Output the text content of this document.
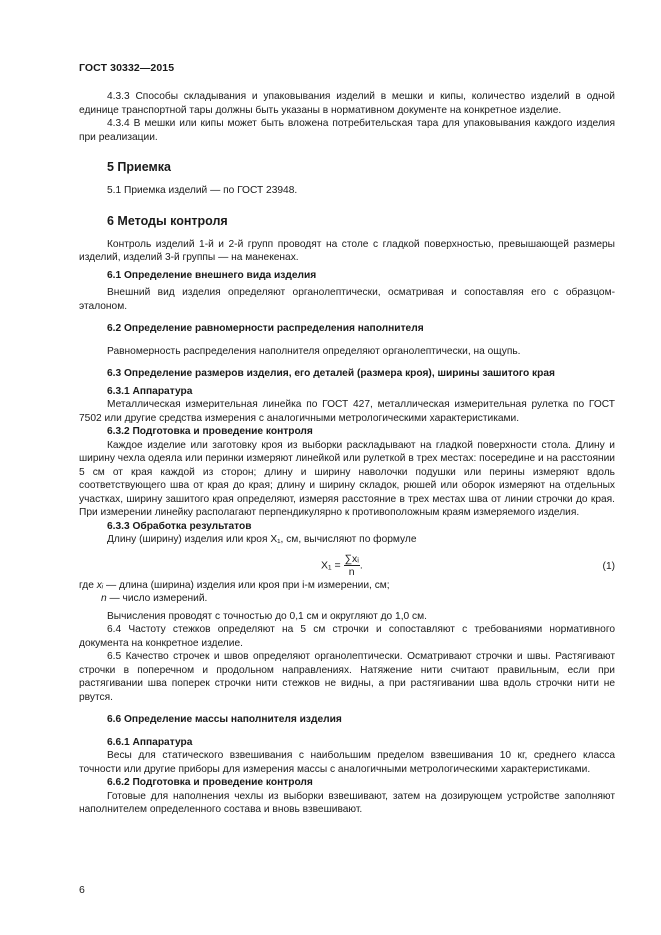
ГОСТ 30332—2015

4.3.3 Способы складывания и упаковывания изделий в мешки и кипы, количество изделий в одной единице транспортной тары должны быть указаны в нормативном документе на конкретное изделие.

4.3.4 В мешки или кипы может быть вложена потребительская тара для упаковывания каждого изделия при реализации.

5 Приемка

5.1 Приемка изделий — по ГОСТ 23948.

6 Методы контроля

Контроль изделий 1-й и 2-й групп проводят на столе с гладкой поверхностью, превышающей размеры изделий, изделий 3-й группы — на манекенах.

6.1 Определение внешнего вида изделия

Внешний вид изделия определяют органолептически, осматривая и сопоставляя его с образцом-эталоном.

6.2 Определение равномерности распределения наполнителя

Равномерность распределения наполнителя определяют органолептически, на ощупь.

6.3 Определение размеров изделия, его деталей (размера кроя), ширины зашитого края
6.3.1 Аппаратура

Металлическая измерительная линейка по ГОСТ 427, металлическая измерительная рулетка по ГОСТ 7502 или другие средства измерения с аналогичными метрологическими характеристиками.

6.3.2 Подготовка и проведение контроля

Каждое изделие или заготовку кроя из выборки раскладывают на гладкой поверхности стола. Длину и ширину чехла одеяла или перинки измеряют линейкой или рулеткой в трех местах: посередине и на расстоянии 5 см от края каждой из сторон; длину и ширину наволочки подушки или перины измеряют вдоль соответствующего шва от края до края; длину и ширину складок, рюшей или оборок измеряют на отдельных участках, ширину зашитого края определяют, измеряя расстояние в трех местах шва от линии строчки до края. При измерении линейку располагают перпендикулярно к противоположным краям измеряемого изделия.

6.3.3 Обработка результатов

Длину (ширину) изделия или кроя X₁, см, вычисляют по формуле

$X_1 = \frac{\text{∑xᵢ}}{n}$ .	(1)

где xᵢ — длина (ширина) изделия или кроя при i-м измерении, см;

n — число измерений.

Вычисления проводят с точностью до 0,1 см и округляют до 1,0 см.

6.4 Частоту стежков определяют на 5 см строчки и сопоставляют с требованиями нормативного документа на конкретное изделие.

6.5 Качество строчек и швов определяют органолептически. Осматривают строчки и швы. Растягивают строчки в поперечном и продольном направлениях. Натяжение нити считают правильным, если при растягивании шва поперек строчки нити стежков не видны, а при растягивании шва вдоль строчки нити не рвутся.

6.6 Определение массы наполнителя изделия
6.6.1 Аппаратура

Весы для статического взвешивания с наибольшим пределом взвешивания 10 кг, среднего класса точности или другие приборы для измерения массы с аналогичными метрологическими характеристиками.

6.6.2 Подготовка и проведение контроля

Готовые для наполнения чехлы из выборки взвешивают, затем на дозирующем устройстве заполняют наполнителем определенного состава и вновь взвешивают.

6
